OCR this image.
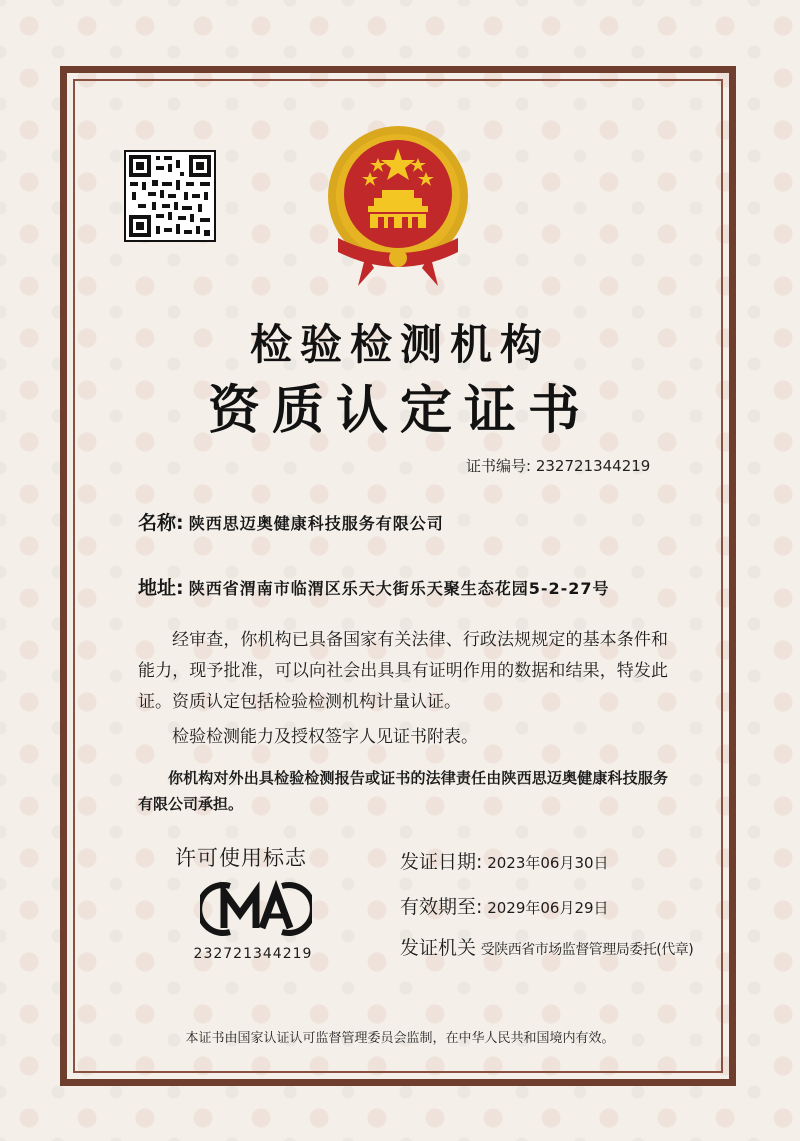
检验检测机构
资质认定证书
证书编号: 232721344219
名称: 陕西思迈奥健康科技服务有限公司
地址: 陕西省渭南市临渭区乐天大街乐天聚生态花园5-2-27号
经审查，你机构已具备国家有关法律、行政法规规定的基本条件和能力，现予批准，可以向社会出具具有证明作用的数据和结果，特发此证。资质认定包括检验检测机构计量认证。
检验检测能力及授权签字人见证书附表。
你机构对外出具检验检测报告或证书的法律责任由陕西思迈奥健康科技服务有限公司承担。
许可使用标志
232721344219
发证日期: 2023年06月30日
有效期至: 2029年06月29日
发证机关 受陕西省市场监督管理局委托(代章)
本证书由国家认证认可监督管理委员会监制，在中华人民共和国境内有效。
